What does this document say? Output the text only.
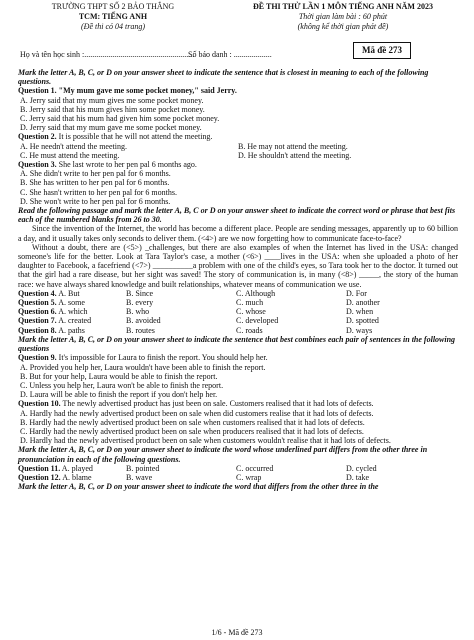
TRƯỜNG THPT SỐ 2 BẢO THẮNG
TCM: TIẾNG ANH
(Đề thi có 04 trang)
ĐỀ THI THỬ LẦN 1 MÔN TIẾNG ANH NĂM 2023
Thời gian làm bài : 60 phút
(không kể thời gian phát đề)
Họ và tên học sinh :.......................................................
Số báo danh : ...................	Mã đề 273
Mark the letter A, B, C, or D on your answer sheet to indicate the sentence that is closest in meaning to each of the following questions.
Question 1. "My mum gave me some pocket money," said Jerry.
A. Jerry said that my mum gives me some pocket money.
B. Jerry said that his mum gives him some pocket money.
C. Jerry said that his mum had given him some pocket money.
D. Jerry said that my mum gave me some pocket money.
Question 2. It is possible that he will not attend the meeting.
A. He needn't attend the meeting.	B. He may not attend the meeting.
C. He must attend the meeting.	D. He shouldn't attend the meeting.
Question 3. She last wrote to her pen pal 6 months ago.
A. She didn't write to her pen pal for 6 months.
B. She has written to her pen pal for 6 months.
C. She hasn't written to her pen pal for 6 months.
D. She won't write to her pen pal for 6 months.
Read the following passage and mark the letter A, B, C or D on your answer sheet to indicate the correct word or phrase that best fits each of the numbered blanks from 26 to 30.
Since the invention of the Internet, the world has become a different place. People are sending messages, apparently up to 60 billion a day, and it usually takes only seconds to deliver them. (<4>) are we now forgetting how to communicate face-to-face?
Without a doubt, there are (<5>) _challenges, but there are also examples of when the Internet has lived in the USA: changed someone's life for the better. Look at Tara Taylor's case, a mother (<6>) ____lives in the USA: when she uploaded a photo of her daughter to Facebook, a facefriend (<7>) __________a problem with one of the child's eyes, so Tara took her to the doctor. It turned out that the girl had a rare disease, but her sight was saved! The story of communication is, in many (<8>) _____, the story of the human race: we have always shared knowledge and built relationships, whatever means of communication we use.
Question 4. A. But	B. Since	C. Although	D. For
Question 5. A. some	B. every	C. much	D. another
Question 6. A. which	B. who	C. whose	D. when
Question 7. A. created	B. avoided	C. developed	D. spotted
Question 8. A. paths	B. routes	C. roads	D. ways
Mark the letter A, B, C, or D on your answer sheet to indicate the sentence that best combines each pair of sentences in the following questions
Question 9. It's impossible for Laura to finish the report. You should help her.
A. Provided you help her, Laura wouldn't have been able to finish the report.
B. But for your help, Laura would be able to finish the report.
C. Unless you help her, Laura won't be able to finish the report.
D. Laura will be able to finish the report if you don't help her.
Question 10. The newly advertised product has just been on sale. Customers realised that it had lots of defects.
A. Hardly had the newly advertised product been on sale when did customers realise that it had lots of defects.
B. Hardly had the newly advertised product been on sale when customers realised that it had lots of defects.
C. Hardly had the newly advertised product been on sale when producers realised that it had lots of defects.
D. Hardly had the newly advertised product been on sale when customers wouldn't realise that it had lots of defects.
Mark the letter A, B, C, or D on your answer sheet to indicate the word whose underlined part differs from the other three in pronunciation in each of the following questions.
Question 11. A. played	B. pointed	C. occurred	D. cycled
Question 12. A. blame	B. wave	C. wrap	D. take
Mark the letter A, B, C, or D on your answer sheet to indicate the word that differs from the other three in the
1/6 - Mã đề 273
